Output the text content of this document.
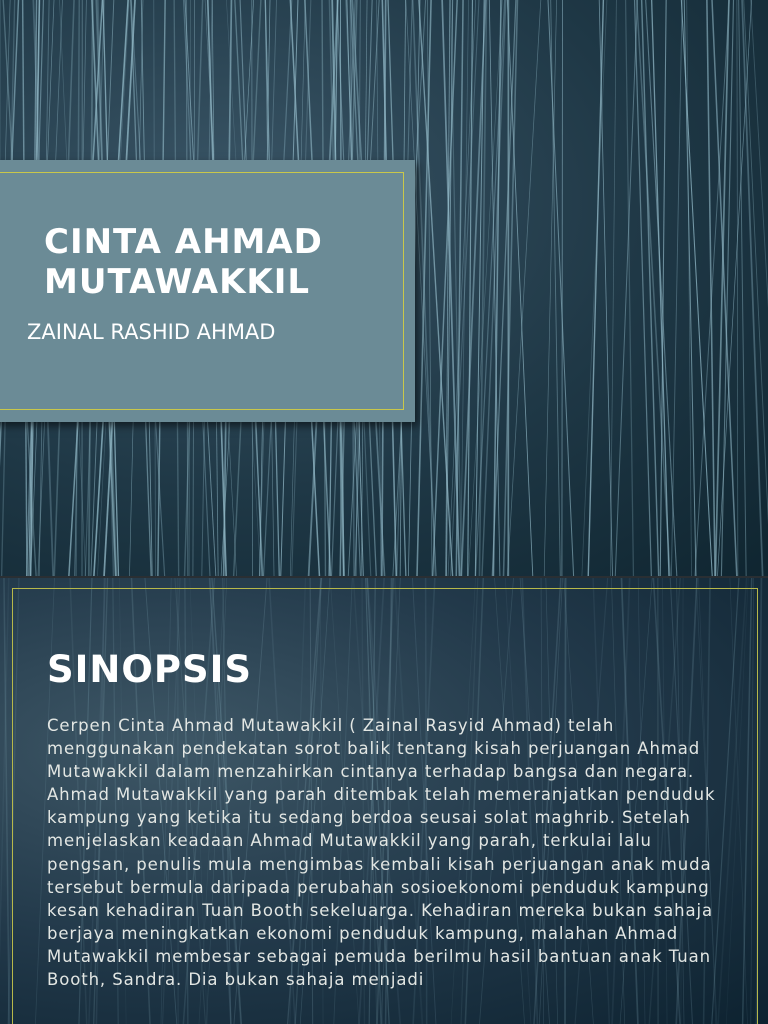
CINTA AHMAD
MUTAWAKKIL

ZAINAL RASHID AHMAD

SINOPSIS

Cerpen Cinta Ahmad Mutawakkil ( Zainal Rasyid Ahmad) telah menggunakan pendekatan sorot balik tentang kisah perjuangan Ahmad Mutawakkil dalam menzahirkan cintanya terhadap bangsa dan negara. Ahmad Mutawakkil yang parah ditembak telah memeranjatkan penduduk kampung yang ketika itu sedang berdoa seusai solat maghrib. Setelah menjelaskan keadaan Ahmad Mutawakkil yang parah, terkulai lalu pengsan, penulis mula mengimbas kembali kisah perjuangan anak muda tersebut bermula daripada perubahan sosioekonomi penduduk kampung kesan kehadiran Tuan Booth sekeluarga. Kehadiran mereka bukan sahaja berjaya meningkatkan ekonomi penduduk kampung, malahan Ahmad Mutawakkil membesar sebagai pemuda berilmu hasil bantuan anak Tuan Booth, Sandra. Dia bukan sahaja menjadi
